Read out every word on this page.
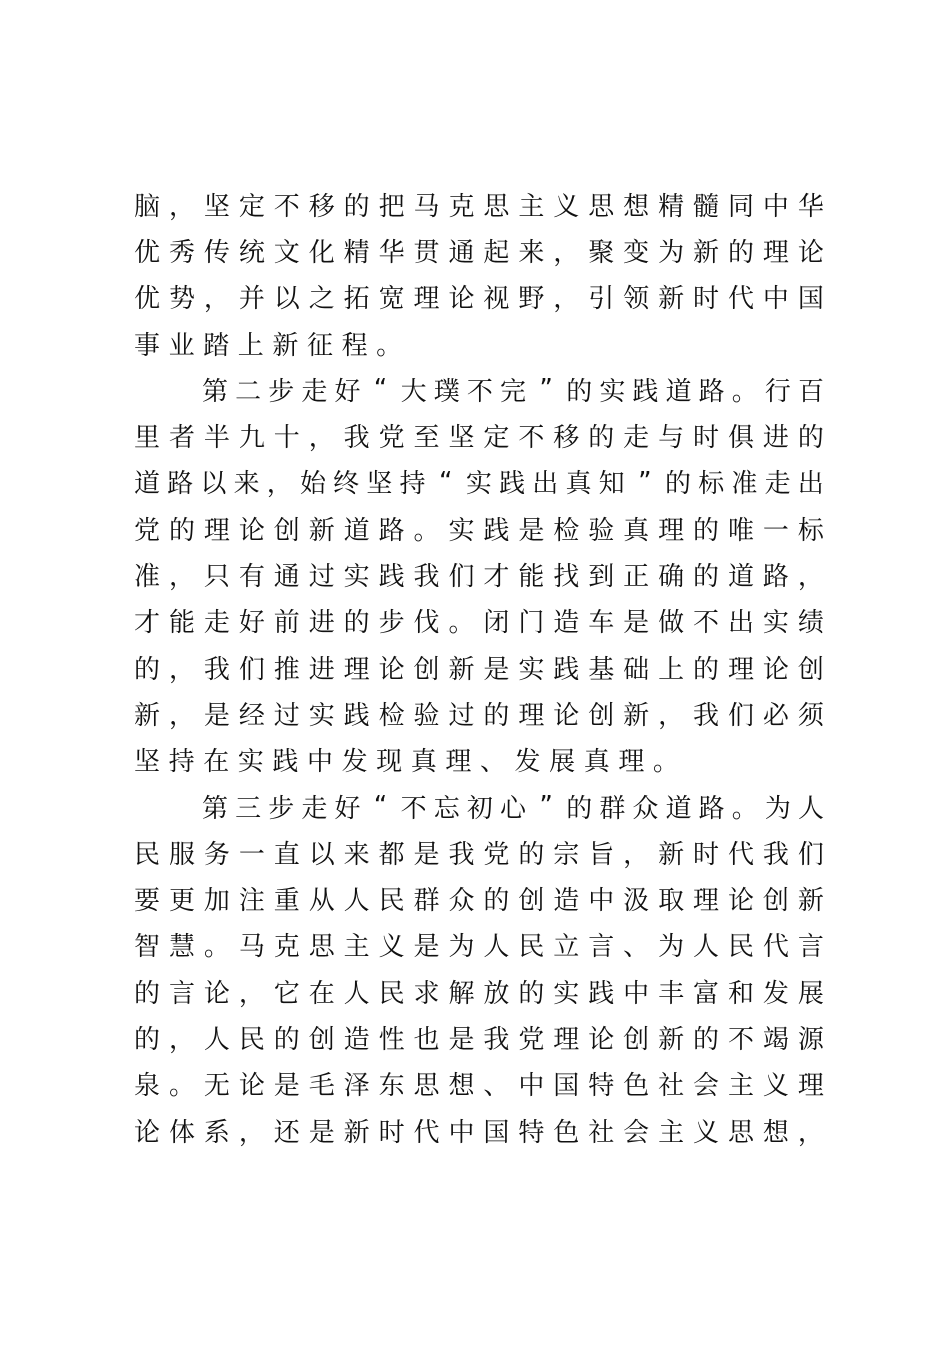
脑 ， 坚 定 不 移 的 把 马 克 思 主 义 思 想 精 髓 同 中 华
优 秀 传 统 文 化 精 华 贯 通 起 来 ， 聚 变 为 新 的 理 论
优 势 ， 并 以 之 拓 宽 理 论 视 野 ， 引 领 新 时 代 中 国
事 业 踏 上 新 征 程 。
第 二 步 走 好 “ 大 璞 不 完 ” 的 实 践 道 路 。 行 百
里 者 半 九 十 ， 我 党 至 坚 定 不 移 的 走 与 时 俱 进 的
道 路 以 来 ， 始 终 坚 持 “ 实 践 出 真 知 ” 的 标 准 走 出
党 的 理 论 创 新 道 路 。 实 践 是 检 验 真 理 的 唯 一 标
准 ， 只 有 通 过 实 践 我 们 才 能 找 到 正 确 的 道 路 ，
才 能 走 好 前 进 的 步 伐 。 闭 门 造 车 是 做 不 出 实 绩
的 ， 我 们 推 进 理 论 创 新 是 实 践 基 础 上 的 理 论 创
新 ， 是 经 过 实 践 检 验 过 的 理 论 创 新 ， 我 们 必 须
坚 持 在 实 践 中 发 现 真 理 、 发 展 真 理 。
第 三 步 走 好 “ 不 忘 初 心 ” 的 群 众 道 路 。 为 人
民 服 务 一 直 以 来 都 是 我 党 的 宗 旨 ， 新 时 代 我 们
要 更 加 注 重 从 人 民 群 众 的 创 造 中 汲 取 理 论 创 新
智 慧 。 马 克 思 主 义 是 为 人 民 立 言 、 为 人 民 代 言
的 言 论 ， 它 在 人 民 求 解 放 的 实 践 中 丰 富 和 发 展
的 ， 人 民 的 创 造 性 也 是 我 党 理 论 创 新 的 不 竭 源
泉 。 无 论 是 毛 泽 东 思 想 、 中 国 特 色 社 会 主 义 理
论 体 系 ， 还 是 新 时 代 中 国 特 色 社 会 主 义 思 想 ，
